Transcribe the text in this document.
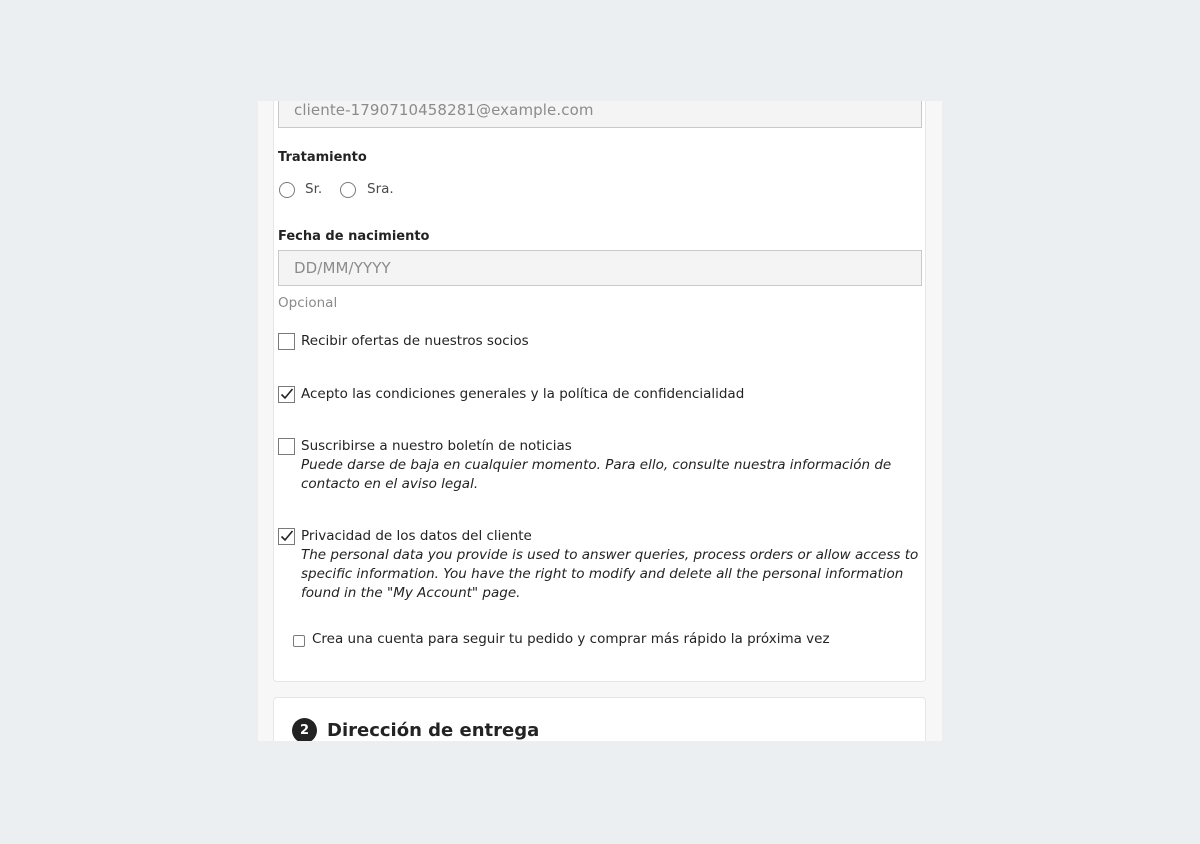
cliente-1790710458281@example.com
Tratamiento
Sr.	Sra.
Fecha de nacimiento
DD/MM/YYYY
Opcional
Recibir ofertas de nuestros socios
Acepto las condiciones generales y la política de confidencialidad
Suscribirse a nuestro boletín de noticias
Puede darse de baja en cualquier momento. Para ello, consulte nuestra información de contacto en el aviso legal.
Privacidad de los datos del cliente
The personal data you provide is used to answer queries, process orders or allow access to specific information. You have the right to modify and delete all the personal information found in the "My Account" page.
Crea una cuenta para seguir tu pedido y comprar más rápido la próxima vez
2 Dirección de entrega
